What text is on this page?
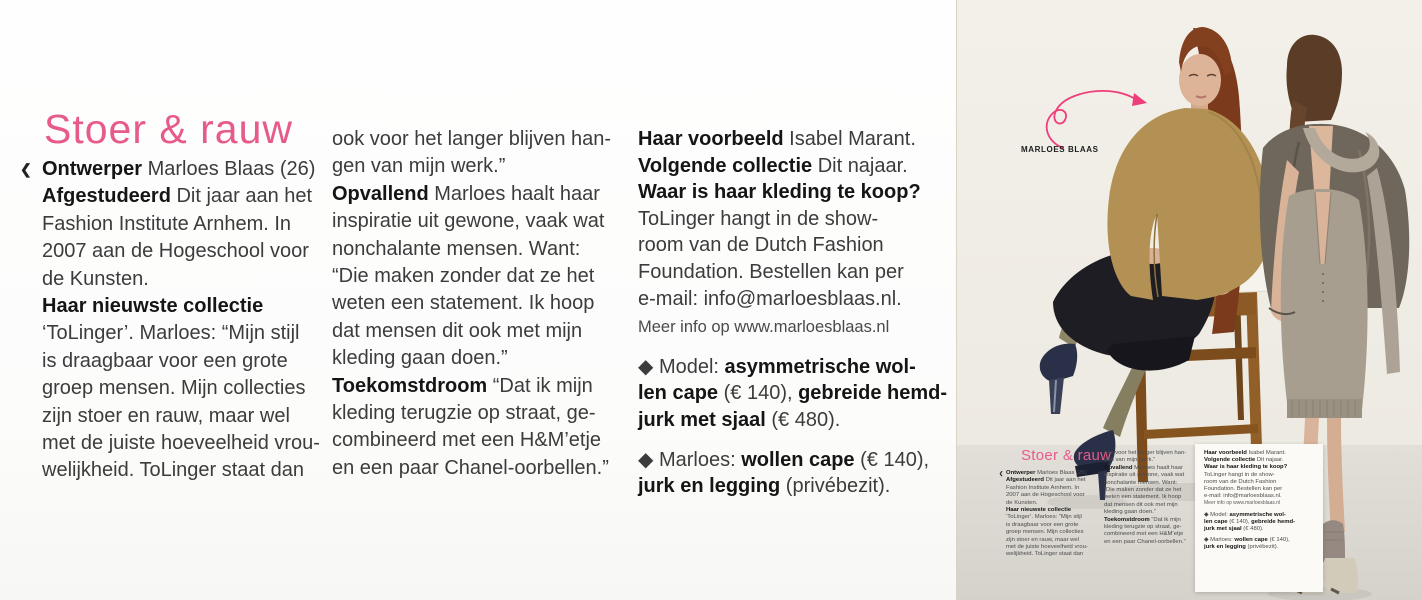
Stoer & rauw
❮ Ontwerper Marloes Blaas (26)
Afgestudeerd Dit jaar aan het
Fashion Institute Arnhem. In
2007 aan de Hogeschool voor
de Kunsten.
Haar nieuwste collectie
‘ToLinger’. Marloes: “Mijn stijl
is draagbaar voor een grote
groep mensen. Mijn collecties
zijn stoer en rauw, maar wel
met de juiste hoeveelheid vrou-
welijkheid. ToLinger staat dan
ook voor het langer blijven han-
gen van mijn werk.”
Opvallend Marloes haalt haar
inspiratie uit gewone, vaak wat
nonchalante mensen. Want:
“Die maken zonder dat ze het
weten een statement. Ik hoop
dat mensen dit ook met mijn
kleding gaan doen.”
Toekomstdroom “Dat ik mijn
kleding terugzie op straat, ge-
combineerd met een H&M’etje
en een paar Chanel-oorbellen.”
Haar voorbeeld Isabel Marant.
Volgende collectie Dit najaar.
Waar is haar kleding te koop?
ToLinger hangt in de show-
room van de Dutch Fashion
Foundation. Bestellen kan per
e-mail: info@marloesblaas.nl.
Meer info op www.marloesblaas.nl
◆ Model: asymmetrische wol-
len cape (€ 140), gebreide hemd-
jurk met sjaal (€ 480).
◆ Marloes: wollen cape (€ 140),
jurk en legging (privébezit).
MARLOES BLAAS
Stoer & rauw
❮ Ontwerper Marloes Blaas (26)
Afgestudeerd Dit jaar aan het
Fashion Institute Arnhem. In
2007 aan de Hogeschool voor
de Kunsten.
Haar nieuwste collectie
‘ToLinger’. Marloes: “Mijn stijl
is draagbaar voor een grote
groep mensen. Mijn collecties
zijn stoer en rauw, maar wel
met de juiste hoeveelheid vrou-
welijkheid. ToLinger staat dan
ook voor het langer blijven han-
gen van mijn werk.”
Opvallend Marloes haalt haar
inspiratie uit gewone, vaak wat
nonchalante mensen. Want:
“Die maken zonder dat ze het
weten een statement. Ik hoop
dat mensen dit ook met mijn
kleding gaan doen.”
Toekomstdroom “Dat ik mijn
kleding terugzie op straat, ge-
combineerd met een H&M’etje
en een paar Chanel-oorbellen.”
Haar voorbeeld Isabel Marant.
Volgende collectie Dit najaar.
Waar is haar kleding te koop?
ToLinger hangt in de show-
room van de Dutch Fashion
Foundation. Bestellen kan per
e-mail: info@marloesblaas.nl.
Meer info op www.marloesblaas.nl
◆ Model: asymmetrische wol-
len cape (€ 140), gebreide hemd-
jurk met sjaal (€ 480).
◆ Marloes: wollen cape (€ 140),
jurk en legging (privébezit).
